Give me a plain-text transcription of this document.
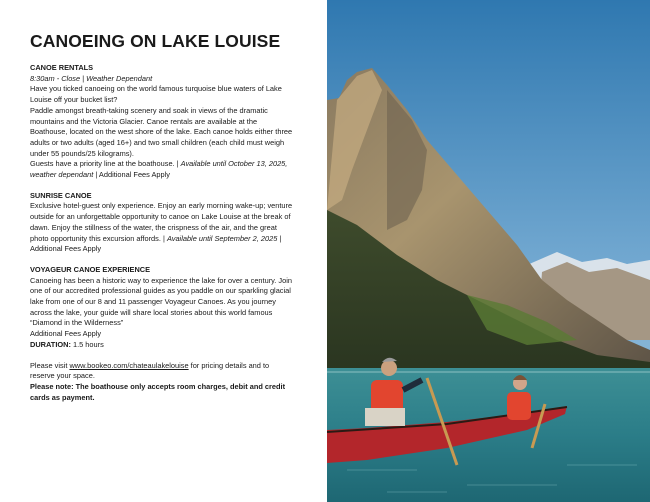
CANOEING ON LAKE LOUISE
CANOE RENTALS

8:30am - Close | Weather Dependant

Have you ticked canoeing on the world famous turquoise blue waters of Lake Louise off your bucket list?

Paddle amongst breath-taking scenery and soak in views of the dramatic mountains and the Victoria Glacier. Canoe rentals are available at the Boathouse, located on the west shore of the lake. Each canoe holds either three adults or two adults (aged 16+) and two small children (each child must weigh under 55 pounds/25 kilograms).

Guests have a priority line at the boathouse. | Available until October 13, 2025, weather dependant | Additional Fees Apply

SUNRISE CANOE

Exclusive hotel-guest only experience. Enjoy an early morning wake-up; venture outside for an unforgettable opportunity to canoe on Lake Louise at the break of dawn. Enjoy the stillness of the water, the crispness of the air, and the great photo opportunity this excursion affords. | Available until September 2, 2025 | Additional Fees Apply

VOYAGEUR CANOE EXPERIENCE

Canoeing has been a historic way to experience the lake for over a century. Join one of our accredited professional guides as you paddle on our sparkling glacial lake from one of our 8 and 11 passenger Voyageur Canoes. As you journey across the lake, your guide will share local stories about this world famous “Diamond in the Wilderness”

Additional Fees Apply

DURATION: 1.5 hours

Please visit www.bookeo.com/chateaulakelouise for pricing details and to reserve your space.

Please note: The boathouse only accepts room charges, debit and credit cards as payment.
